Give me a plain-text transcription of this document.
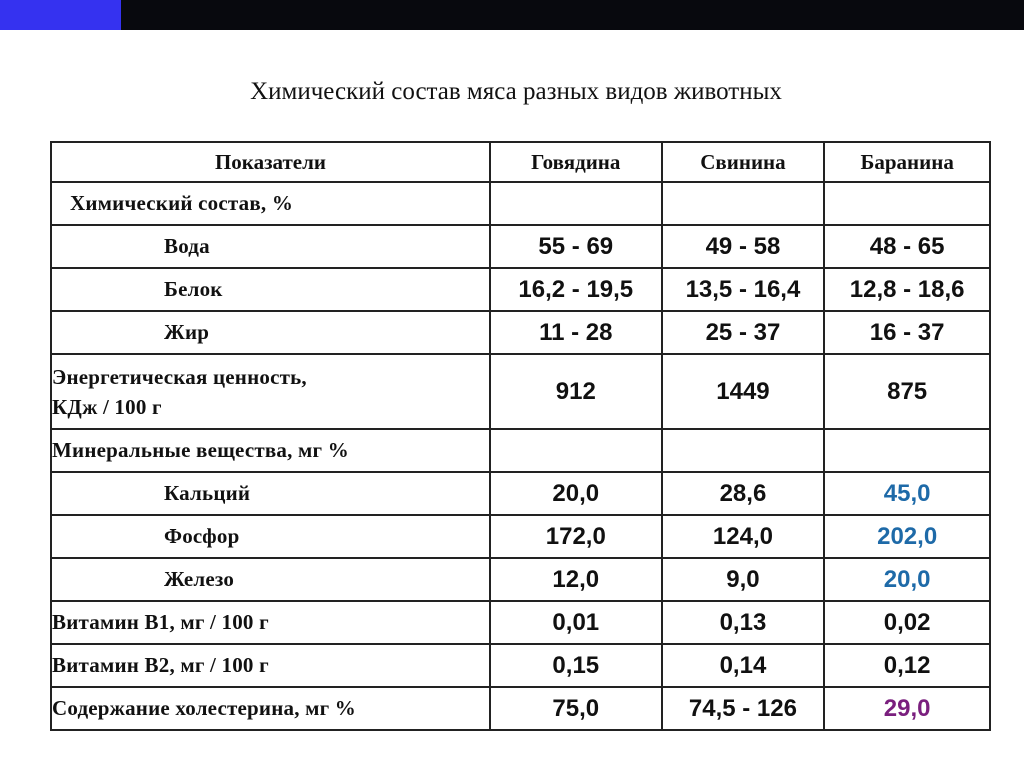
Химический состав мяса разных видов животных
Показатели	Говядина	Свинина	Баранина
Химический состав, %			
Вода	55 - 69	49 - 58	48 - 65
Белок	16,2 - 19,5	13,5 - 16,4	12,8 - 18,6
Жир	11 - 28	25 - 37	16 - 37

Энергетическая ценность,
КДж / 100 г	912	1449	875
Минеральные вещества, мг %			
Кальций	20,0	28,6	45,0
Фосфор	172,0	124,0	202,0
Железо	12,0	9,0	20,0
Витамин В1, мг / 100 г	0,01	0,13	0,02
Витамин В2, мг / 100 г	0,15	0,14	0,12
Содержание холестерина, мг %	75,0	74,5 - 126	29,0
